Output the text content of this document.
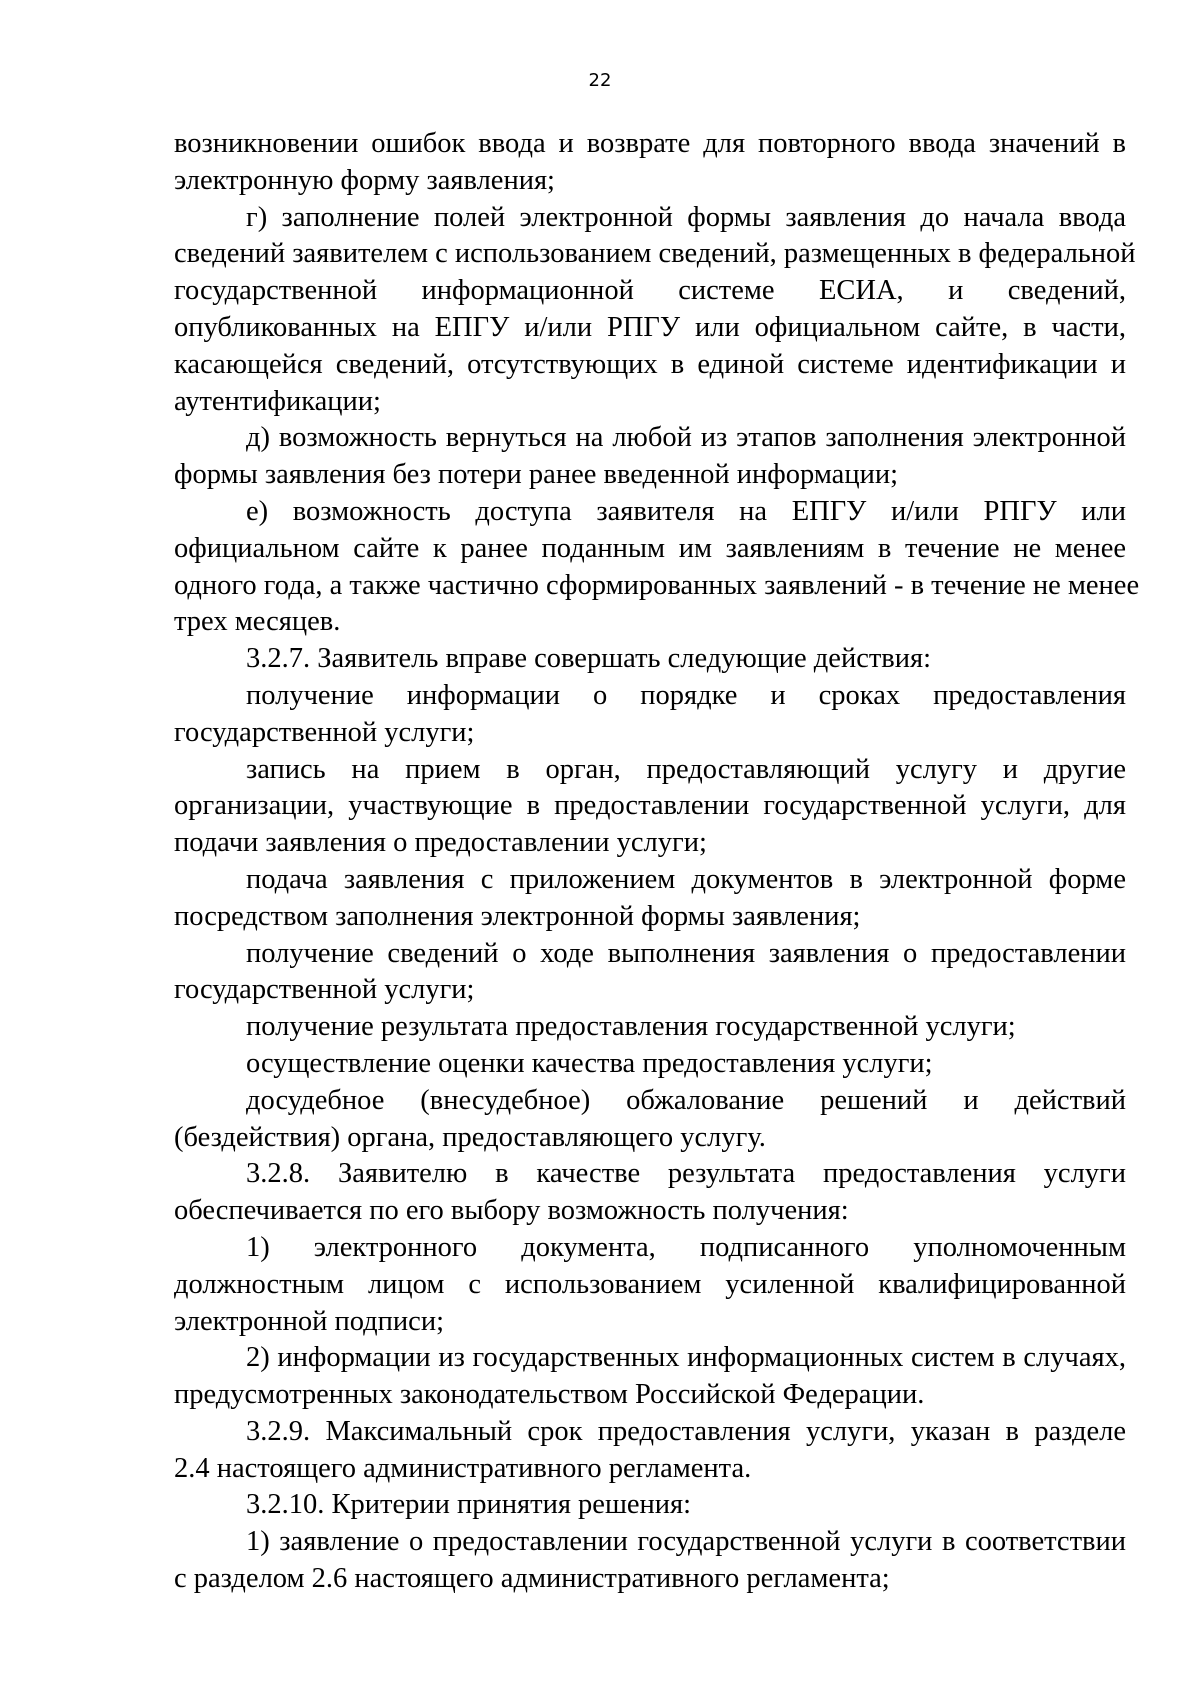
22
возникновении ошибок ввода и возврате для повторного ввода значений в
электронную форму заявления;
г) заполнение полей электронной формы заявления до начала ввода
сведений заявителем с использованием сведений, размещенных в федеральной
государственной информационной системе ЕСИА, и сведений,
опубликованных на ЕПГУ и/или РПГУ или официальном сайте, в части,
касающейся сведений, отсутствующих в единой системе идентификации и
аутентификации;
д) возможность вернуться на любой из этапов заполнения электронной
формы заявления без потери ранее введенной информации;
е) возможность доступа заявителя на ЕПГУ и/или РПГУ или
официальном сайте к ранее поданным им заявлениям в течение не менее
одного года, а также частично сформированных заявлений - в течение не менее
трех месяцев.
3.2.7. Заявитель вправе совершать следующие действия:
получение информации о порядке и сроках предоставления
государственной услуги;
запись на прием в орган, предоставляющий услугу и другие
организации, участвующие в предоставлении государственной услуги, для
подачи заявления о предоставлении услуги;
подача заявления с приложением документов в электронной форме
посредством заполнения электронной формы заявления;
получение сведений о ходе выполнения заявления о предоставлении
государственной услуги;
получение результата предоставления государственной услуги;
осуществление оценки качества предоставления услуги;
досудебное (внесудебное) обжалование решений и действий
(бездействия) органа, предоставляющего услугу.
3.2.8. Заявителю в качестве результата предоставления услуги
обеспечивается по его выбору возможность получения:
1) электронного документа, подписанного уполномоченным
должностным лицом с использованием усиленной квалифицированной
электронной подписи;
2) информации из государственных информационных систем в случаях,
предусмотренных законодательством Российской Федерации.
3.2.9. Максимальный срок предоставления услуги, указан в разделе
2.4 настоящего административного регламента.
3.2.10. Критерии принятия решения:
1) заявление о предоставлении государственной услуги в соответствии
с разделом 2.6 настоящего административного регламента;
